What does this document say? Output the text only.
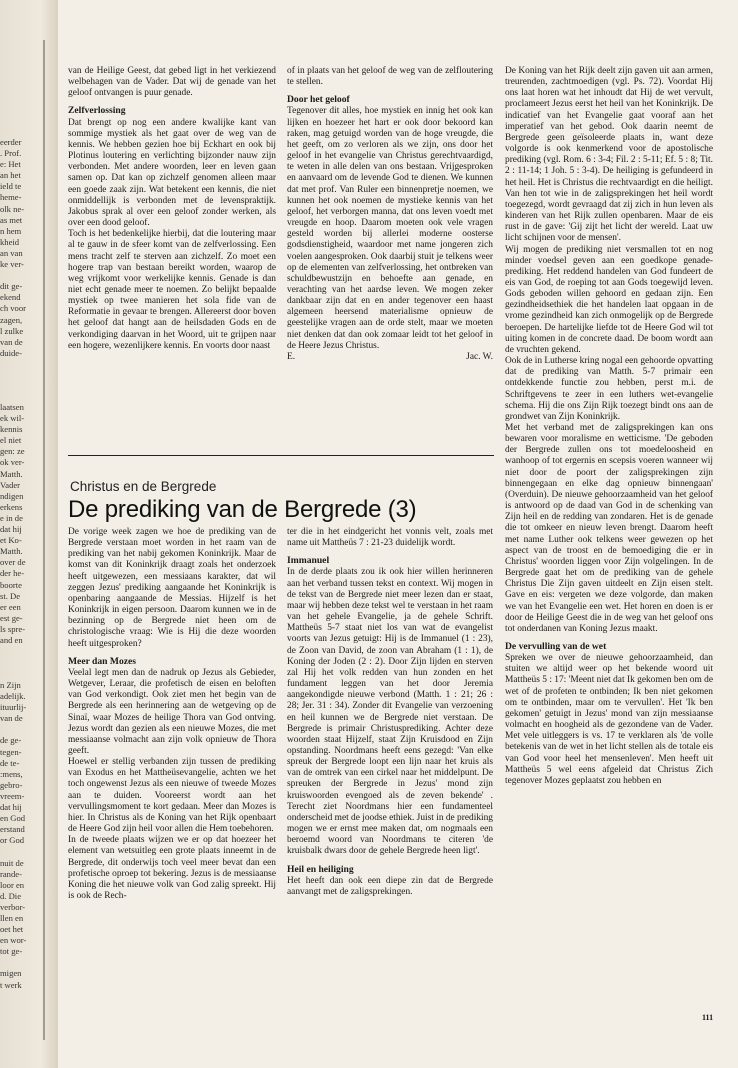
eerder
. Prof.
e: Het
an het
ield te
heme-
olk ne-
as met
n hem
kheid
an van
ke ver-

dit ge-
ekend
ch voor
zagen,
l zulke
van de
duide-
laatsen
ek wil-
kennis
el niet
gen: ze
ok ver-
Matth.
Vader
ndigen
erkens
e in de
dat hij
et Ko-
Matth.
over de
der he-
boorte
st. De
er een
est ge-
ls spre-
and en
n Zijn
adelijk.
ituurlij-
van de

de ge-
tegen-
de te-
:mens,
gebro-
vreem-
dat hij
en God
erstand
or God

nuit de
rande-
loor en
d. Die
verbor-
llen en
oet het
en wor-
tot ge-

migen
t werk

van de Heilige Geest, dat gebed ligt in het verkiezend welbehagen van de Vader. Dat wij de genade van het geloof ontvangen is puur genade.

Zelfverlossing

Dat brengt op nog een andere kwalijke kant van sommige mystiek als het gaat over de weg van de kennis. We hebben gezien hoe bij Eckhart en ook bij Plotinus loutering en verlichting bijzonder nauw zijn verbonden. Met andere woorden, leer en leven gaan samen op. Dat kan op zichzelf genomen alleen maar een goede zaak zijn. Wat betekent een kennis, die niet onmiddellijk is verbonden met de levenspraktijk. Jakobus sprak al over een geloof zonder werken, als over een dood geloof.

Toch is het bedenkelijke hierbij, dat die loutering maar al te gauw in de sfeer komt van de zelfverlossing. Een mens tracht zelf te sterven aan zichzelf. Zo moet een hogere trap van bestaan bereikt worden, waarop de weg vrijkomt voor werkelijke kennis. Genade is dan niet echt genade meer te noemen. Zo belijkt bepaalde mystiek op twee manieren het sola fide van de Reformatie in gevaar te brengen. Allereerst door boven het geloof dat hangt aan de heilsdaden Gods en de verkondiging daarvan in het Woord, uit te grijpen naar een hogere, wezenlijkere kennis. En voorts door naast

of in plaats van het geloof de weg van de zelfloutering te stellen.

Door het geloof

Tegenover dit alles, hoe mystiek en innig het ook kan lijken en hoezeer het hart er ook door bekoord kan raken, mag getuigd worden van de hoge vreugde, die het geeft, om zo verloren als we zijn, ons door het geloof in het evangelie van Christus gerechtvaardigd, te weten in alle delen van ons bestaan. Vrijgesproken en aanvaard om de levende God te dienen. We kunnen dat met prof. Van Ruler een binnenpretje noemen, we kunnen het ook noemen de mystieke kennis van het geloof, het verborgen manna, dat ons leven voedt met vreugde en hoop. Daarom moeten ook vele vragen gesteld worden bij allerlei moderne oosterse godsdienstigheid, waardoor met name jongeren zich voelen aangesproken. Ook daarbij stuit je telkens weer op de elementen van zelfverlossing, het ontbreken van schuldbewustzijn en behoefte aan genade, en verachting van het aardse leven. We mogen zeker dankbaar zijn dat en en ander tegenover een haast algemeen heersend materialisme opnieuw de geestelijke vragen aan de orde stelt, maar we moeten niet denken dat dan ook zomaar leidt tot het geloof in de Heere Jezus Christus.

E.	Jac. W.
Christus en de Bergrede
De prediking van de Bergrede (3)

De vorige week zagen we hoe de prediking van de Bergrede verstaan moet worden in het raam van de prediking van het nabij gekomen Koninkrijk. Maar de komst van dit Koninkrijk draagt zoals het onderzoek heeft uitgewezen, een messiaans karakter, dat wil zeggen Jezus' prediking aangaande het Koninkrijk is openbaring aangaande de Messias. Hijzelf is het Koninkrijk in eigen persoon. Daarom kunnen we in de bezinning op de Bergrede niet heen om de christologische vraag: Wie is Hij die deze woorden heeft uitgesproken?

Meer dan Mozes

Veelal legt men dan de nadruk op Jezus als Gebieder, Wetgever, Leraar, die profetisch de eisen en beloften van God verkondigt. Ook ziet men het begin van de Bergrede als een herinnering aan de wetgeving op de Sinaï, waar Mozes de heilige Thora van God ontving. Jezus wordt dan gezien als een nieuwe Mozes, die met messiaanse volmacht aan zijn volk opnieuw de Thora geeft.

Hoewel er stellig verbanden zijn tussen de prediking van Exodus en het Mattheüsevangelie, achten we het toch ongewenst Jezus als een nieuwe of tweede Mozes aan te duiden. Vooreerst wordt aan het vervullingsmoment te kort gedaan. Meer dan Mozes is hier. In Christus als de Koning van het Rijk openbaart de Heere God zijn heil voor allen die Hem toebehoren.

In de tweede plaats wijzen we er op dat hoezeer het element van wetsuitleg een grote plaats inneemt in de Bergrede, dit onderwijs toch veel meer bevat dan een profetische oproep tot bekering. Jezus is de messiaanse Koning die het nieuwe volk van God zalig spreekt. Hij is ook de Rech-

ter die in het eindgericht het vonnis velt, zoals met name uit Mattheüs 7 : 21-23 duidelijk wordt.

Immanuel

In de derde plaats zou ik ook hier willen herinneren aan het verband tussen tekst en context. Wij mogen in de tekst van de Bergrede niet meer lezen dan er staat, maar wij hebben deze tekst wel te verstaan in het raam van het gehele Evangelie, ja de gehele Schrift. Mattheüs 5-7 staat niet los van wat de evangelist voorts van Jezus getuigt: Hij is de Immanuel (1 : 23), de Zoon van David, de zoon van Abraham (1 : 1), de Koning der Joden (2 : 2). Door Zijn lijden en sterven zal Hij het volk redden van hun zonden en het fundament leggen van het door Jeremia aangekondigde nieuwe verbond (Matth. 1 : 21; 26 : 28; Jer. 31 : 34). Zonder dit Evangelie van verzoening en heil kunnen we de Bergrede niet verstaan. De Bergrede is primair Christusprediking. Achter deze woorden staat Hijzelf, staat Zijn Kruisdood en Zijn opstanding. Noordmans heeft eens gezegd: 'Van elke spreuk der Bergrede loopt een lijn naar het kruis als van de omtrek van een cirkel naar het middelpunt. De spreuken der Bergrede in Jezus' mond zijn kruiswoorden evengoed als de zeven bekende' . Terecht ziet Noordmans hier een fundamenteel onderscheid met de joodse ethiek. Juist in de prediking mogen we er ernst mee maken dat, om nogmaals een beroemd woord van Noordmans te citeren 'de kruisbalk dwars door de gehele Bergrede heen ligt'.

Heil en heiliging

Het heeft dan ook een diepe zin dat de Bergrede aanvangt met de zaligsprekingen.

De Koning van het Rijk deelt zijn gaven uit aan armen, treurenden, zachtmoedigen (vgl. Ps. 72). Voordat Hij ons laat horen wat het inhoudt dat Hij de wet vervult, proclameert Jezus eerst het heil van het Koninkrijk. De indicatief van het Evangelie gaat vooraf aan het imperatief van het gebod. Ook daarin neemt de Bergrede geen geïsoleerde plaats in, want deze volgorde is ook kenmerkend voor de apostolische prediking (vgl. Rom. 6 : 3-4; Fil. 2 : 5-11; Ef. 5 : 8; Tit. 2 : 11-14; 1 Joh. 5 : 3-4). De heiliging is gefundeerd in het heil. Het is Christus die rechtvaardigt en die heiligt. Van hen tot wie in de zaligsprekingen het heil wordt toegezegd, wordt gevraagd dat zij zich in hun leven als kinderen van het Rijk zullen openbaren. Maar de eis rust in de gave: 'Gij zijt het licht der wereld. Laat uw licht schijnen voor de mensen'.

Wij mogen de prediking niet versmallen tot en nog minder voedsel geven aan een goedkope genade-prediking. Het reddend handelen van God fundeert de eis van God, de roeping tot aan Gods toegewijd leven. Gods geboden willen gehoord en gedaan zijn. Een gezindheidsethiek die het handelen laat opgaan in de vrome gezindheid kan zich onmogelijk op de Bergrede beroepen. De hartelijke liefde tot de Heere God wil tot uiting komen in de concrete daad. De boom wordt aan de vruchten gekend.

Ook de in Lutherse kring nogal een gehoorde opvatting dat de prediking van Matth. 5-7 primair een ontdekkende functie zou hebben, perst m.i. de Schriftgevens te zeer in een luthers wet-evangelie schema. Hij die ons Zijn Rijk toezegt bindt ons aan de grondwet van Zijn Koninkrijk.

Met het verband met de zaligsprekingen kan ons bewaren voor moralisme en wetticisme. 'De geboden der Bergrede zullen ons tot moedeloosheid en wanhoop of tot ergernis en scepsis voeren wanneer wij niet door de poort der zaligsprekingen zijn binnengegaan en elke dag opnieuw binnengaan' (Overduin). De nieuwe gehoorzaamheid van het geloof is antwoord op de daad van God in de schenking van Zijn heil en de redding van zondaren. Het is de genade die tot omkeer en nieuw leven brengt. Daarom heeft met name Luther ook telkens weer gewezen op het aspect van de troost en de bemoediging die er in Christus' woorden liggen voor Zijn volgelingen. In de Bergrede gaat het om de prediking van de gehele Christus Die Zijn gaven uitdeelt en Zijn eisen stelt. Gave en eis: vergeten we deze volgorde, dan maken we van het Evangelie een wet. Het horen en doen is er door de Heilige Geest die in de weg van het geloof ons tot onderdanen van Koning Jezus maakt.

De vervulling van de wet

Spreken we over de nieuwe gehoorzaamheid, dan stuiten we altijd weer op het bekende woord uit Mattheüs 5 : 17: 'Meent niet dat Ik gekomen ben om de wet of de profeten te ontbinden; Ik ben niet gekomen om te ontbinden, maar om te vervullen'. Het 'Ik ben gekomen' getuigt in Jezus' mond van zijn messiaanse volmacht en hoogheid als de gezondene van de Vader. Met vele uitleggers is vs. 17 te verklaren als 'de volle betekenis van de wet in het licht stellen als de totale eis van God voor heel het mensenleven'. Men heeft uit Mattheüs 5 wel eens afgeleid dat Christus Zich tegenover Mozes geplaatst zou hebben en

111
